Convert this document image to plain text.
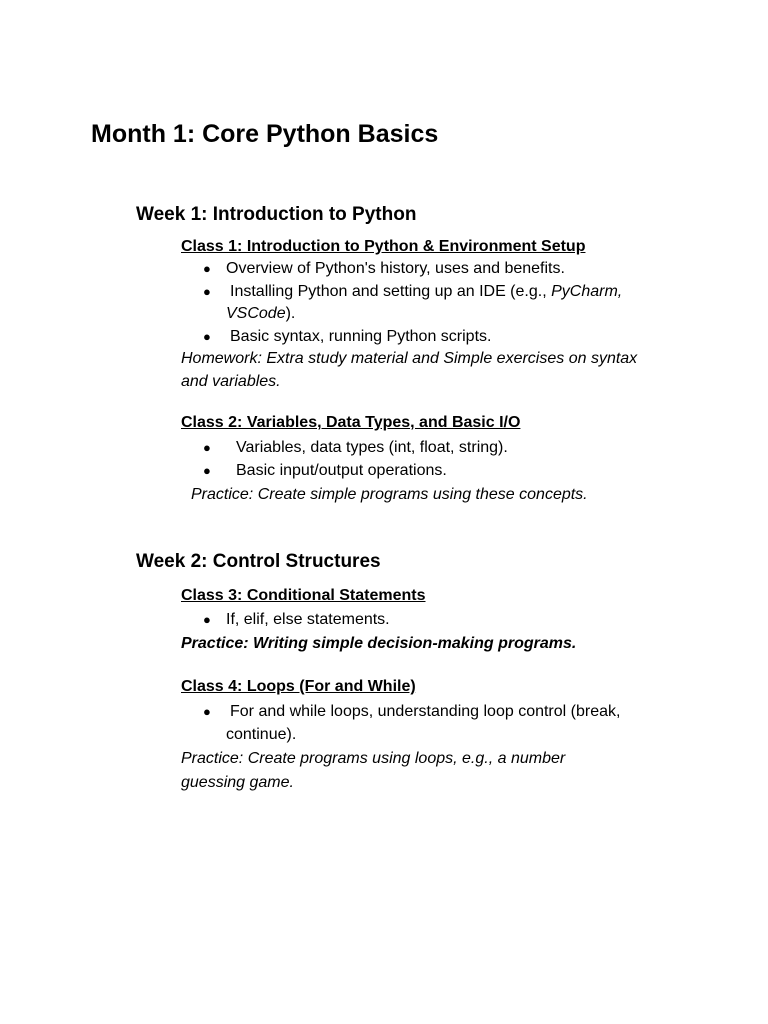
Month 1: Core Python Basics
Week 1: Introduction to Python
Class 1: Introduction to Python & Environment Setup
● Overview of Python's history, uses and benefits.
● Installing Python and setting up an IDE (e.g., PyCharm,
VSCode).
● Basic syntax, running Python scripts.
Homework: Extra study material and Simple exercises on syntax
and variables.
Class 2: Variables, Data Types, and Basic I/O
● Variables, data types (int, float, string).
● Basic input/output operations.
Practice: Create simple programs using these concepts.
Week 2: Control Structures
Class 3: Conditional Statements
● If, elif, else statements.
Practice: Writing simple decision-making programs.
Class 4: Loops (For and While)
● For and while loops, understanding loop control (break,
continue).
Practice: Create programs using loops, e.g., a number
guessing game.
